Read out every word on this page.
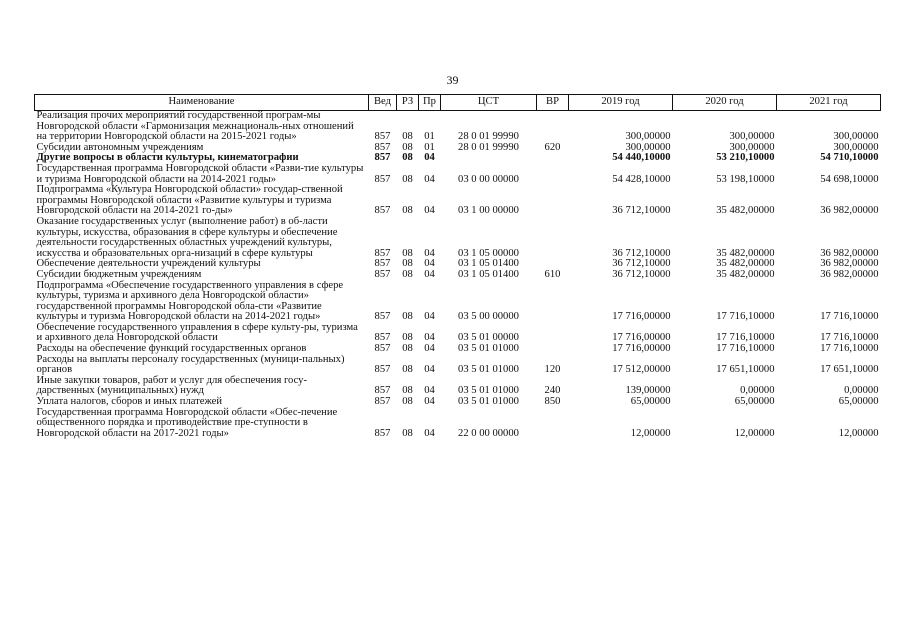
39
Наименование	Вед	РЗ	Пр	ЦСТ	ВР	2019 год	2020 год	2021 год
Реализация прочих мероприятий государственной програм-мы Новгородской области «Гармонизация межнациональ-ных отношений на территории Новгородской области на 2015-2021 годы»	857	08	01	28 0 01 99990		300,00000	300,00000	300,00000
Субсидии автономным учреждениям	857	08	01	28 0 01 99990	620	300,00000	300,00000	300,00000
Другие вопросы в области культуры, кинематографии	857	08	04			54 440,10000	53 210,10000	54 710,10000
Государственная программа Новгородской области «Разви-тие культуры и туризма Новгородской области на 2014-2021 годы»	857	08	04	03 0 00 00000		54 428,10000	53 198,10000	54 698,10000
Подпрограмма «Культура Новгородской области» государ-ственной программы Новгородской области «Развитие культуры и туризма Новгородской области на 2014-2021 го-ды»	857	08	04	03 1 00 00000		36 712,10000	35 482,00000	36 982,00000
Оказание государственных услуг (выполнение работ) в об-ласти культуры, искусства, образования в сфере культуры и обеспечение деятельности государственных областных учреждений культуры, искусства и образовательных орга-низаций в сфере культуры	857	08	04	03 1 05 00000		36 712,10000	35 482,00000	36 982,00000
Обеспечение деятельности учреждений культуры	857	08	04	03 1 05 01400		36 712,10000	35 482,00000	36 982,00000
Субсидии бюджетным учреждениям	857	08	04	03 1 05 01400	610	36 712,10000	35 482,00000	36 982,00000
Подпрограмма «Обеспечение государственного управления в сфере культуры, туризма и архивного дела Новгородской области» государственной программы Новгородской обла-сти «Развитие культуры и туризма Новгородской области на 2014-2021 годы»	857	08	04	03 5 00 00000		17 716,00000	17 716,10000	17 716,10000
Обеспечение государственного управления в сфере культу-ры, туризма и архивного дела Новгородской области	857	08	04	03 5 01 00000		17 716,00000	17 716,10000	17 716,10000
Расходы на обеспечение функций государственных органов	857	08	04	03 5 01 01000		17 716,00000	17 716,10000	17 716,10000
Расходы на выплаты персоналу государственных (муници-пальных) органов	857	08	04	03 5 01 01000	120	17 512,00000	17 651,10000	17 651,10000
Иные закупки товаров, работ и услуг для обеспечения госу-дарственных (муниципальных) нужд	857	08	04	03 5 01 01000	240	139,00000	0,00000	0,00000
Уплата налогов, сборов и иных платежей	857	08	04	03 5 01 01000	850	65,00000	65,00000	65,00000
Государственная программа Новгородской области «Обес-печение общественного порядка и противодействие пре-ступности в Новгородской области на 2017-2021 годы»	857	08	04	22 0 00 00000		12,00000	12,00000	12,00000
